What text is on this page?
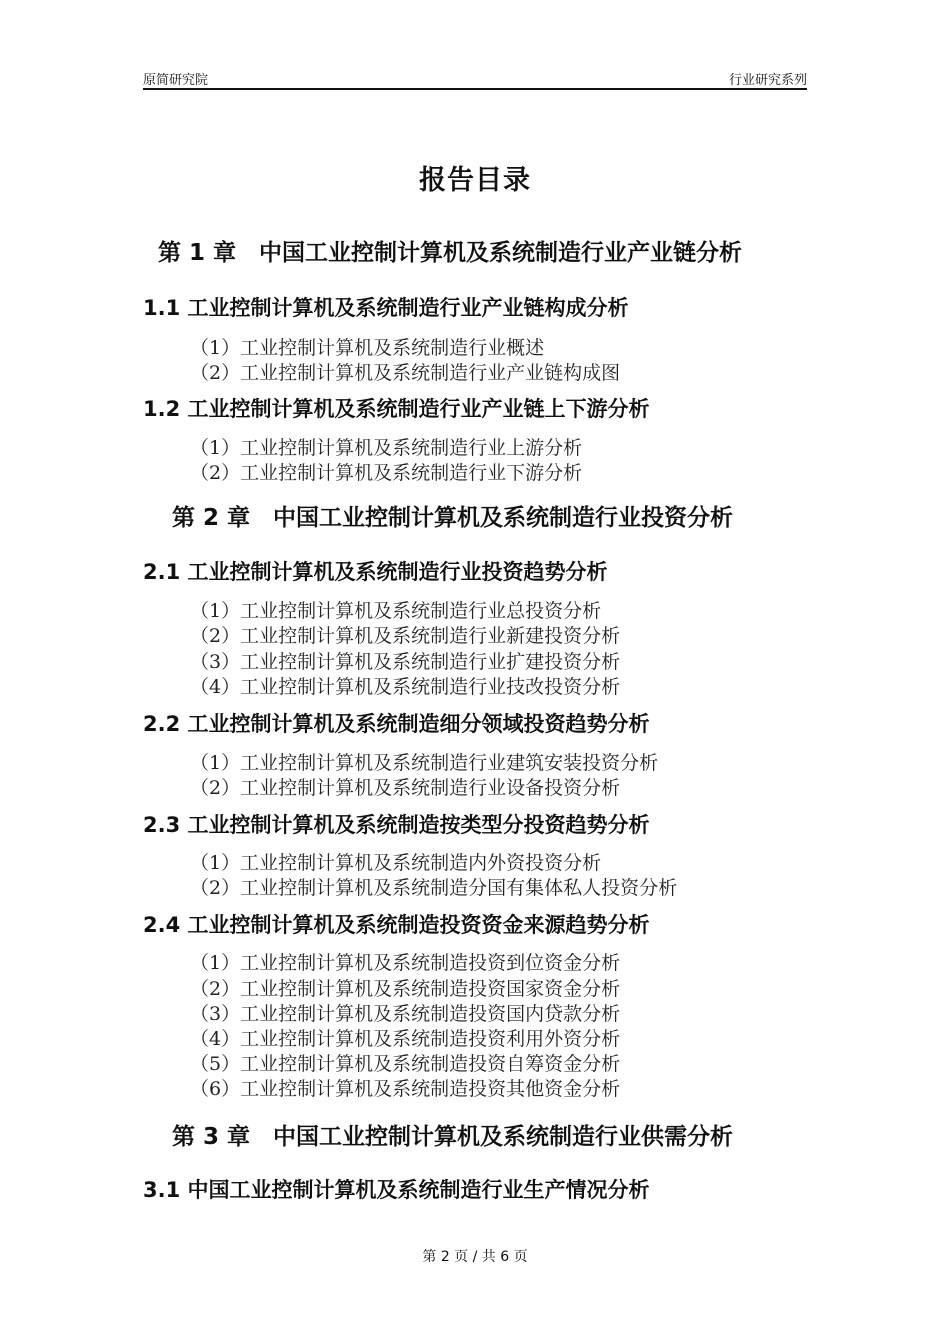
原简研究院	行业研究系列
报告目录
第 1 章　中国工业控制计算机及系统制造行业产业链分析
1.1 工业控制计算机及系统制造行业产业链构成分析
（1）工业控制计算机及系统制造行业概述
（2）工业控制计算机及系统制造行业产业链构成图
1.2 工业控制计算机及系统制造行业产业链上下游分析
（1）工业控制计算机及系统制造行业上游分析
（2）工业控制计算机及系统制造行业下游分析
第 2 章　中国工业控制计算机及系统制造行业投资分析
2.1 工业控制计算机及系统制造行业投资趋势分析
（1）工业控制计算机及系统制造行业总投资分析
（2）工业控制计算机及系统制造行业新建投资分析
（3）工业控制计算机及系统制造行业扩建投资分析
（4）工业控制计算机及系统制造行业技改投资分析
2.2 工业控制计算机及系统制造细分领域投资趋势分析
（1）工业控制计算机及系统制造行业建筑安装投资分析
（2）工业控制计算机及系统制造行业设备投资分析
2.3 工业控制计算机及系统制造按类型分投资趋势分析
（1）工业控制计算机及系统制造内外资投资分析
（2）工业控制计算机及系统制造分国有集体私人投资分析
2.4 工业控制计算机及系统制造投资资金来源趋势分析
（1）工业控制计算机及系统制造投资到位资金分析
（2）工业控制计算机及系统制造投资国家资金分析
（3）工业控制计算机及系统制造投资国内贷款分析
（4）工业控制计算机及系统制造投资利用外资分析
（5）工业控制计算机及系统制造投资自筹资金分析
（6）工业控制计算机及系统制造投资其他资金分析
第 3 章　中国工业控制计算机及系统制造行业供需分析
3.1 中国工业控制计算机及系统制造行业生产情况分析
第 2 页 / 共 6 页
